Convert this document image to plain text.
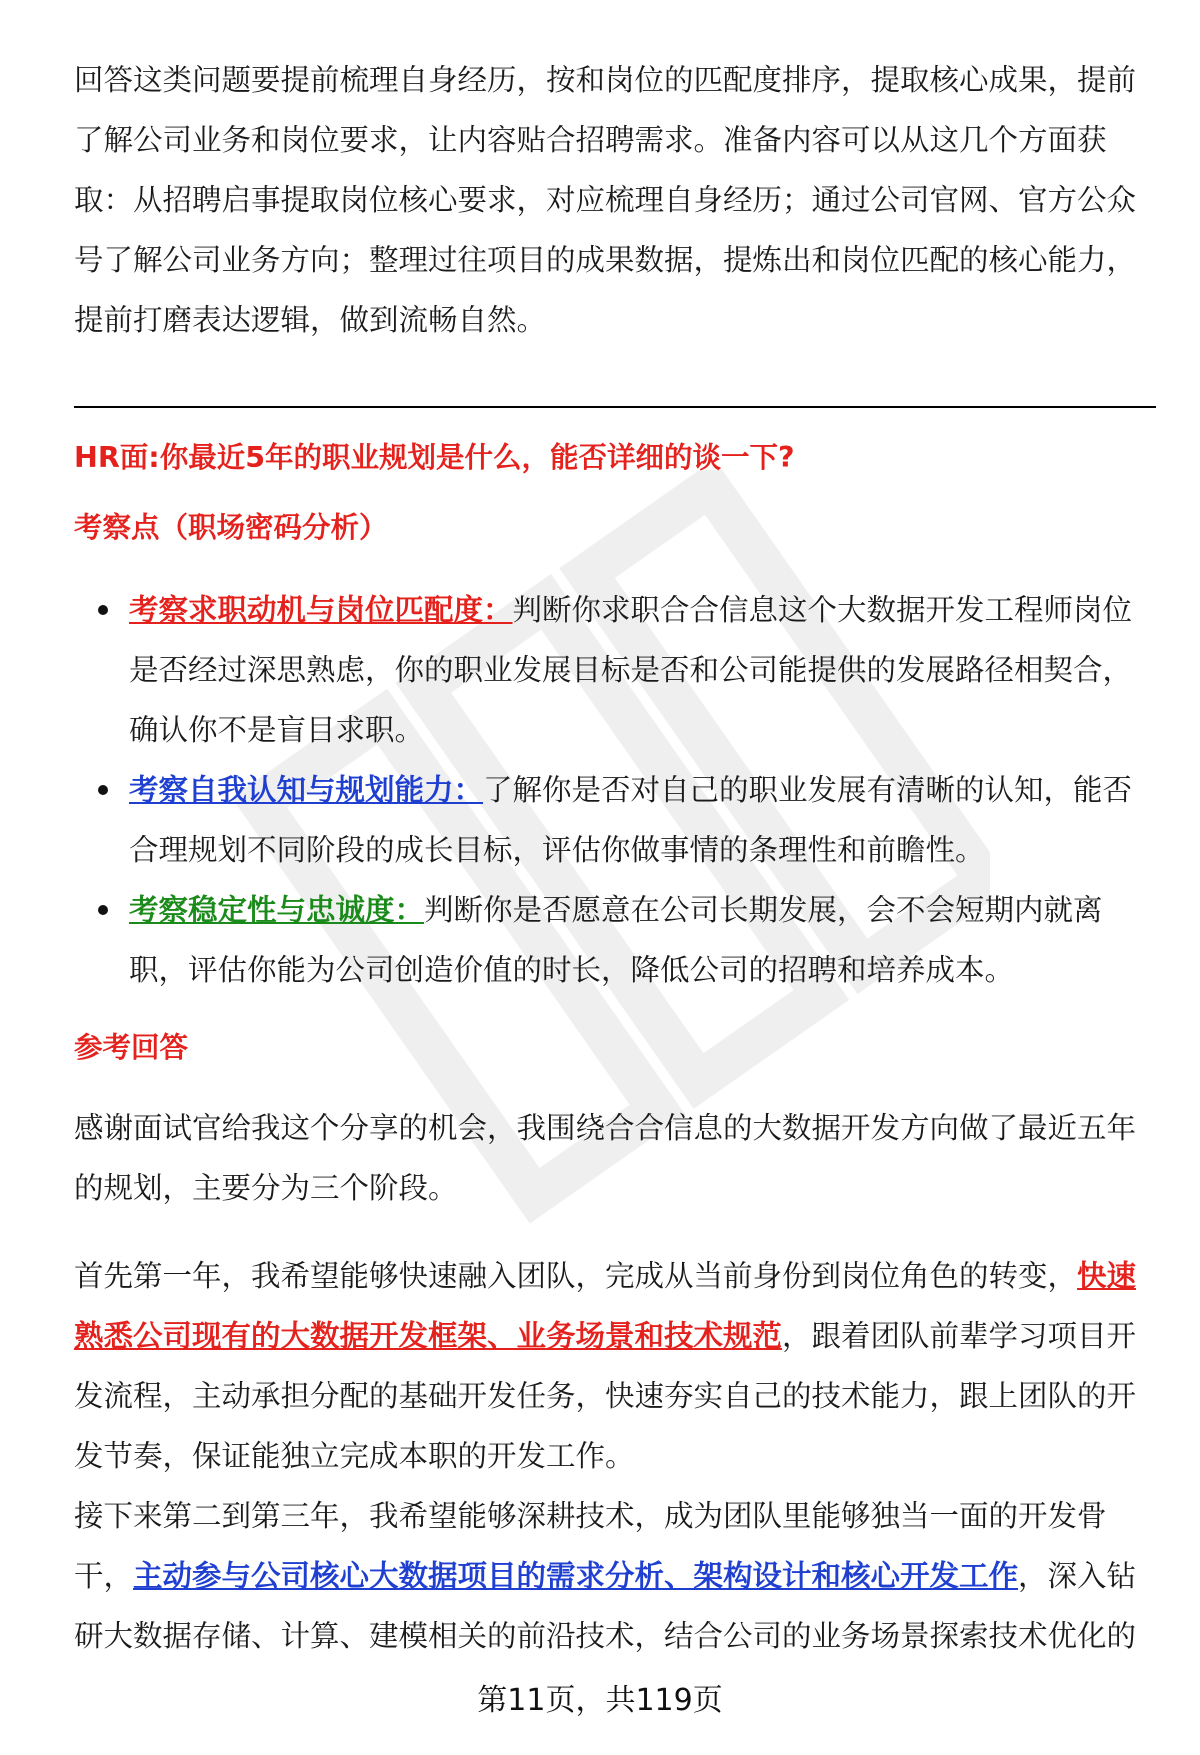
回答这类问题要提前梳理自身经历，按和岗位的匹配度排序，提取核心成果，提前了解公司业务和岗位要求，让内容贴合招聘需求。准备内容可以从这几个方面获取：从招聘启事提取岗位核心要求，对应梳理自身经历；通过公司官网、官方公众号了解公司业务方向；整理过往项目的成果数据，提炼出和岗位匹配的核心能力，提前打磨表达逻辑，做到流畅自然。

HR面:你最近5年的职业规划是什么，能否详细的谈一下?
考察点（职场密码分析）
考察求职动机与岗位匹配度：判断你求职合合信息这个大数据开发工程师岗位是否经过深思熟虑，你的职业发展目标是否和公司能提供的发展路径相契合，确认你不是盲目求职。
考察自我认知与规划能力：了解你是否对自己的职业发展有清晰的认知，能否合理规划不同阶段的成长目标，评估你做事情的条理性和前瞻性。
考察稳定性与忠诚度：判断你是否愿意在公司长期发展，会不会短期内就离职，评估你能为公司创造价值的时长，降低公司的招聘和培养成本。
参考回答

感谢面试官给我这个分享的机会，我围绕合合信息的大数据开发方向做了最近五年的规划，主要分为三个阶段。

首先第一年，我希望能够快速融入团队，完成从当前身份到岗位角色的转变，快速熟悉公司现有的大数据开发框架、业务场景和技术规范，跟着团队前辈学习项目开发流程，主动承担分配的基础开发任务，快速夯实自己的技术能力，跟上团队的开发节奏，保证能独立完成本职的开发工作。

接下来第二到第三年，我希望能够深耕技术，成为团队里能够独当一面的开发骨干，主动参与公司核心大数据项目的需求分析、架构设计和核心开发工作，深入钻研大数据存储、计算、建模相关的前沿技术，结合公司的业务场景探索技术优化的

第11页，共119页
